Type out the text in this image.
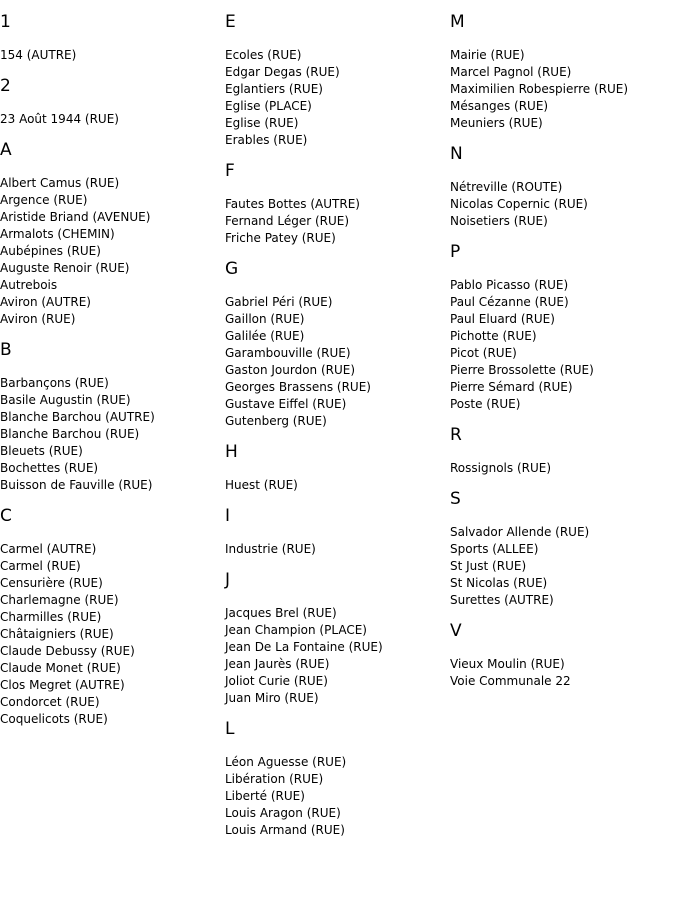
1
154 (AUTRE)
2
23 Août 1944 (RUE)
A
Albert Camus (RUE)
Argence (RUE)
Aristide Briand (AVENUE)
Armalots (CHEMIN)
Aubépines (RUE)
Auguste Renoir (RUE)
Autrebois
Aviron (AUTRE)
Aviron (RUE)
B
Barbançons (RUE)
Basile Augustin (RUE)
Blanche Barchou (AUTRE)
Blanche Barchou (RUE)
Bleuets (RUE)
Bochettes (RUE)
Buisson de Fauville (RUE)
C
Carmel (AUTRE)
Carmel (RUE)
Censurière (RUE)
Charlemagne (RUE)
Charmilles (RUE)
Châtaigniers (RUE)
Claude Debussy (RUE)
Claude Monet (RUE)
Clos Megret (AUTRE)
Condorcet (RUE)
Coquelicots (RUE)
E
Ecoles (RUE)
Edgar Degas (RUE)
Eglantiers (RUE)
Eglise (PLACE)
Eglise (RUE)
Erables (RUE)
F
Fautes Bottes (AUTRE)
Fernand Léger (RUE)
Friche Patey (RUE)
G
Gabriel Péri (RUE)
Gaillon (RUE)
Galilée (RUE)
Garambouville (RUE)
Gaston Jourdon (RUE)
Georges Brassens (RUE)
Gustave Eiffel (RUE)
Gutenberg (RUE)
H
Huest (RUE)
I
Industrie (RUE)
J
Jacques Brel (RUE)
Jean Champion (PLACE)
Jean De La Fontaine (RUE)
Jean Jaurès (RUE)
Joliot Curie (RUE)
Juan Miro (RUE)
L
Léon Aguesse (RUE)
Libération (RUE)
Liberté (RUE)
Louis Aragon (RUE)
Louis Armand (RUE)
M
Mairie (RUE)
Marcel Pagnol (RUE)
Maximilien Robespierre (RUE)
Mésanges (RUE)
Meuniers (RUE)
N
Nétreville (ROUTE)
Nicolas Copernic (RUE)
Noisetiers (RUE)
P
Pablo Picasso (RUE)
Paul Cézanne (RUE)
Paul Eluard (RUE)
Pichotte (RUE)
Picot (RUE)
Pierre Brossolette (RUE)
Pierre Sémard (RUE)
Poste (RUE)
R
Rossignols (RUE)
S
Salvador Allende (RUE)
Sports (ALLEE)
St Just (RUE)
St Nicolas (RUE)
Surettes (AUTRE)
V
Vieux Moulin (RUE)
Voie Communale 22
